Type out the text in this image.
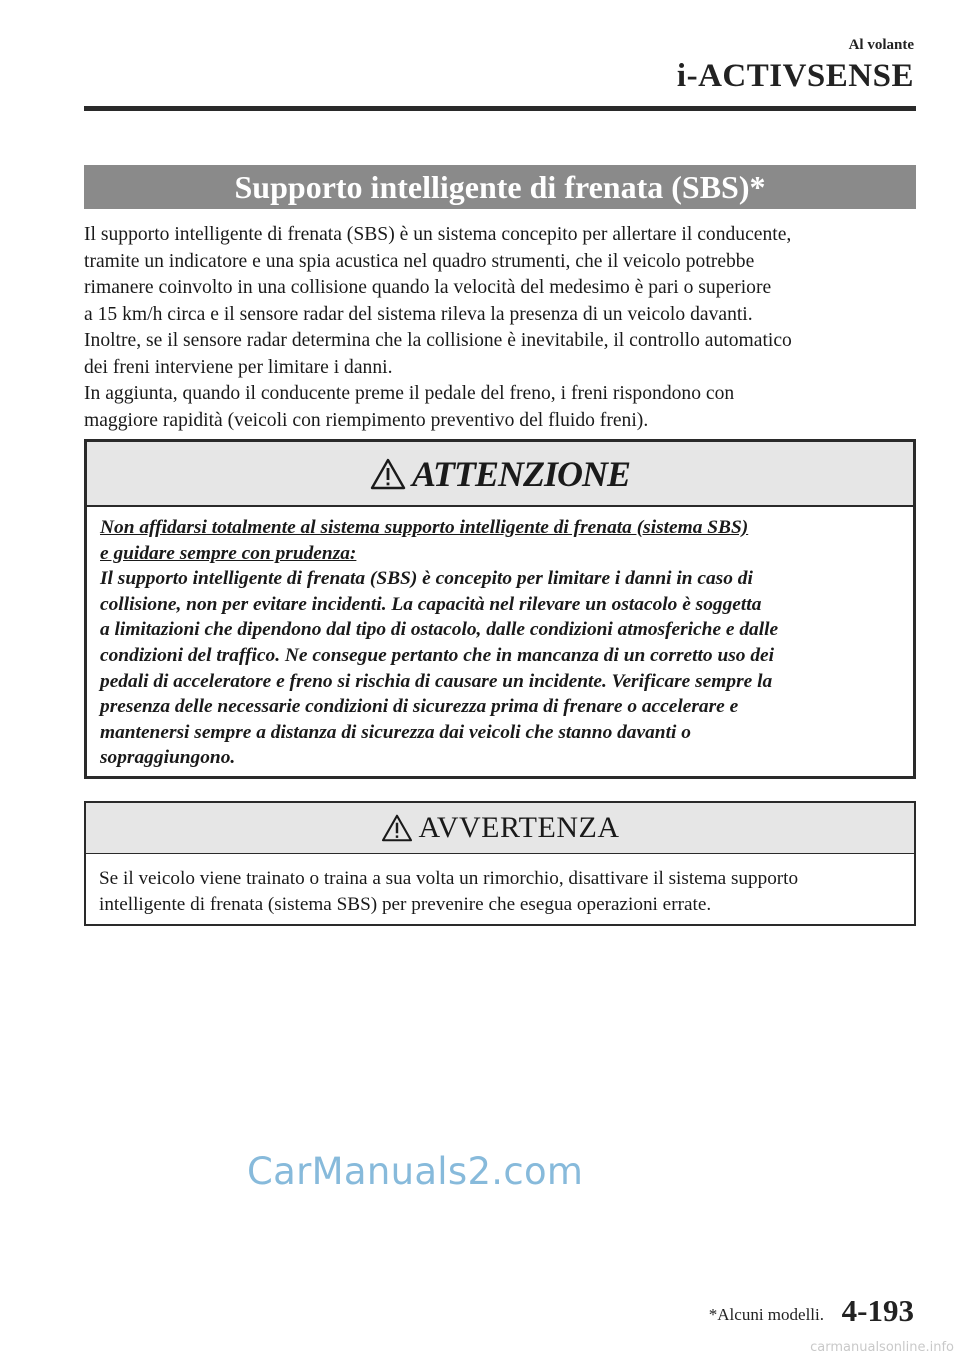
Al volante
i-ACTIVSENSE
Supporto intelligente di frenata (SBS)*

Il supporto intelligente di frenata (SBS) è un sistema concepito per allertare il conducente,
tramite un indicatore e una spia acustica nel quadro strumenti, che il veicolo potrebbe
rimanere coinvolto in una collisione quando la velocità del medesimo è pari o superiore
a 15 km/h circa e il sensore radar del sistema rileva la presenza di un veicolo davanti.
Inoltre, se il sensore radar determina che la collisione è inevitabile, il controllo automatico
dei freni interviene per limitare i danni.
In aggiunta, quando il conducente preme il pedale del freno, i freni rispondono con
maggiore rapidità (veicoli con riempimento preventivo del fluido freni).

ATTENZIONE
Non affidarsi totalmente al sistema supporto intelligente di frenata (sistema SBS)
e guidare sempre con prudenza:
Il supporto intelligente di frenata (SBS) è concepito per limitare i danni in caso di
collisione, non per evitare incidenti. La capacità nel rilevare un ostacolo è soggetta
a limitazioni che dipendono dal tipo di ostacolo, dalle condizioni atmosferiche e dalle
condizioni del traffico. Ne consegue pertanto che in mancanza di un corretto uso dei
pedali di acceleratore e freno si rischia di causare un incidente. Verificare sempre la
presenza delle necessarie condizioni di sicurezza prima di frenare o accelerare e
mantenersi sempre a distanza di sicurezza dai veicoli che stanno davanti o
sopraggiungono.
AVVERTENZA
Se il veicolo viene trainato o traina a sua volta un rimorchio, disattivare il sistema supporto
intelligente di frenata (sistema SBS) per prevenire che esegua operazioni errate.
CarManuals2.com
*Alcuni modelli. 4-193
carmanualsonline.info
